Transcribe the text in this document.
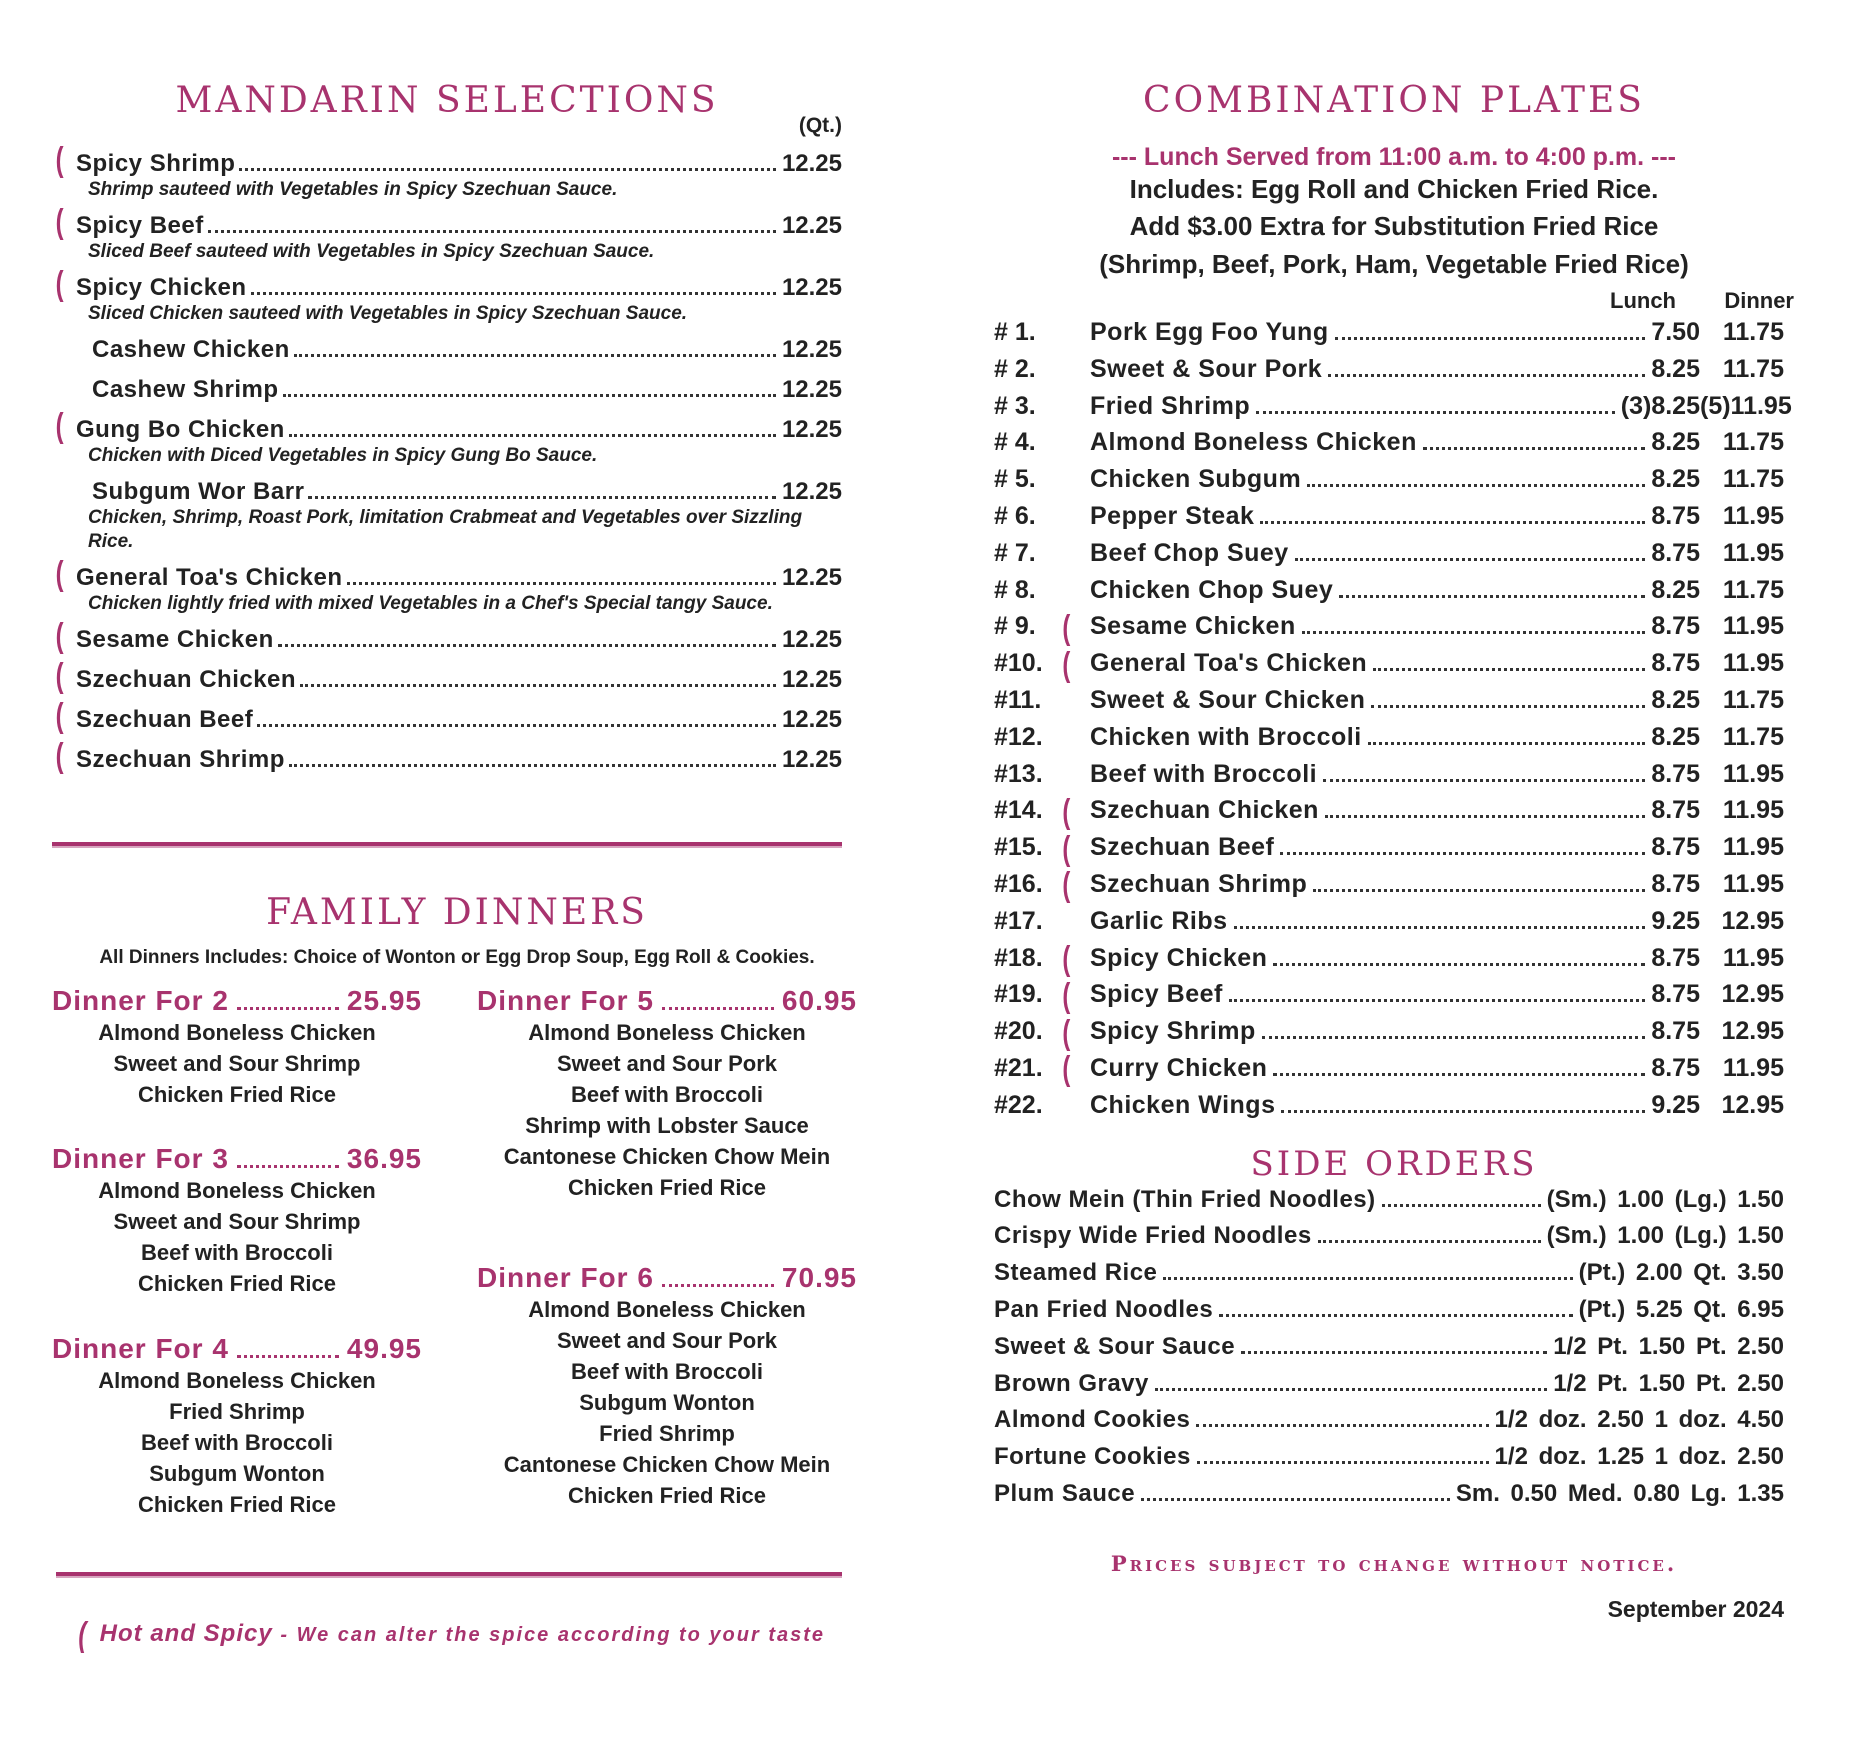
MANDARIN SELECTIONS
(Qt.)
( Spicy Shrimp	12.25
Shrimp sauteed with Vegetables in Spicy Szechuan Sauce.
( Spicy Beef	12.25
Sliced Beef sauteed with Vegetables in Spicy Szechuan Sauce.
( Spicy Chicken	12.25
Sliced Chicken sauteed with Vegetables in Spicy Szechuan Sauce.
Cashew Chicken	12.25
Cashew Shrimp	12.25
( Gung Bo Chicken	12.25
Chicken with Diced Vegetables in Spicy Gung Bo Sauce.
Subgum Wor Barr	12.25
Chicken, Shrimp, Roast Pork, limitation Crabmeat and Vegetables over Sizzling Rice.
( General Toa's Chicken	12.25
Chicken lightly fried with mixed Vegetables in a Chef's Special tangy Sauce.
( Sesame Chicken	12.25
( Szechuan Chicken	12.25
( Szechuan Beef	12.25
( Szechuan Shrimp	12.25
FAMILY DINNERS
All Dinners Includes: Choice of Wonton or Egg Drop Soup, Egg Roll & Cookies.
Dinner For 2	25.95
Almond Boneless Chicken
Sweet and Sour Shrimp
Chicken Fried Rice
Dinner For 3	36.95
Almond Boneless Chicken
Sweet and Sour Shrimp
Beef with Broccoli
Chicken Fried Rice
Dinner For 4	49.95
Almond Boneless Chicken
Fried Shrimp
Beef with Broccoli
Subgum Wonton
Chicken Fried Rice
Dinner For 5	60.95
Almond Boneless Chicken
Sweet and Sour Pork
Beef with Broccoli
Shrimp with Lobster Sauce
Cantonese Chicken Chow Mein
Chicken Fried Rice
Dinner For 6	70.95
Almond Boneless Chicken
Sweet and Sour Pork
Beef with Broccoli
Subgum Wonton
Fried Shrimp
Cantonese Chicken Chow Mein
Chicken Fried Rice
( Hot and Spicy - We can alter the spice according to your taste
COMBINATION PLATES
--- Lunch Served from 11:00 a.m. to 4:00 p.m. ---
Includes: Egg Roll and Chicken Fried Rice.
Add $3.00 Extra for Substitution Fried Rice
(Shrimp, Beef, Pork, Ham, Vegetable Fried Rice)
Lunch Dinner
# 1.	Pork Egg Foo Yung	7.50 11.75
# 2.	Sweet & Sour Pork	8.25 11.75
# 3.	Fried Shrimp	(3)8.25 (5)11.95
# 4.	Almond Boneless Chicken	8.25 11.75
# 5.	Chicken Subgum	8.25 11.75
# 6.	Pepper Steak	8.75 11.95
# 7.	Beef Chop Suey	8.75 11.95
# 8.	Chicken Chop Suey	8.25 11.75
# 9. ( Sesame Chicken	8.75 11.95
#10. ( General Toa's Chicken	8.75 11.95
#11.	Sweet & Sour Chicken	8.25 11.75
#12.	Chicken with Broccoli	8.25 11.75
#13.	Beef with Broccoli	8.75 11.95
#14. ( Szechuan Chicken	8.75 11.95
#15. ( Szechuan Beef	8.75 11.95
#16. ( Szechuan Shrimp	8.75 11.95
#17.	Garlic Ribs	9.25 12.95
#18. ( Spicy Chicken	8.75 11.95
#19. ( Spicy Beef	8.75 12.95
#20. ( Spicy Shrimp	8.75 12.95
#21. ( Curry Chicken	8.75 11.95
#22.	Chicken Wings	9.25 12.95
SIDE ORDERS
Chow Mein (Thin Fried Noodles)	(Sm.) 1.00 (Lg.) 1.50
Crispy Wide Fried Noodles	(Sm.) 1.00 (Lg.) 1.50
Steamed Rice	(Pt.) 2.00 Qt. 3.50
Pan Fried Noodles	(Pt.) 5.25 Qt. 6.95
Sweet & Sour Sauce	1/2 Pt. 1.50 Pt. 2.50
Brown Gravy	1/2 Pt. 1.50 Pt. 2.50
Almond Cookies	1/2 doz. 2.50 1 doz. 4.50
Fortune Cookies	1/2 doz. 1.25 1 doz. 2.50
Plum Sauce	Sm. 0.50 Med. 0.80 Lg. 1.35
Prices subject to change without notice.
September 2024
